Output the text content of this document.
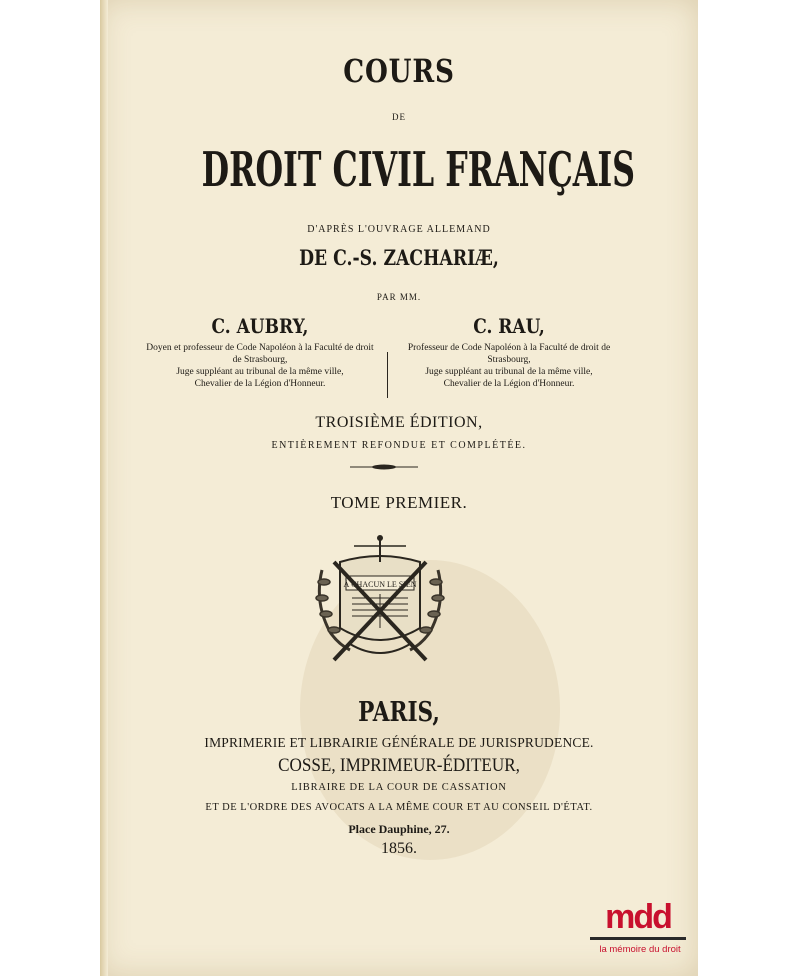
COURS
DE
DROIT CIVIL FRANÇAIS
D'APRÈS L'OUVRAGE ALLEMAND
DE C.-S. ZACHARIÆ,
PAR MM.
C. AUBRY,
Doyen et professeur de Code Napoléon à la Faculté de droit
de Strasbourg,
Juge suppléant au tribunal de la même ville,
Chevalier de la Légion d'Honneur.
C. RAU,
Professeur de Code Napoléon à la Faculté de droit de
Strasbourg,
Juge suppléant au tribunal de la même ville,
Chevalier de la Légion d'Honneur.
TROISIÈME ÉDITION,
ENTIÈREMENT REFONDUE ET COMPLÉTÉE.
TOME PREMIER.
À CHACUN LE SIEN
PARIS,
IMPRIMERIE ET LIBRAIRIE GÉNÉRALE DE JURISPRUDENCE.
COSSE, IMPRIMEUR-ÉDITEUR,
LIBRAIRE DE LA COUR DE CASSATION
ET DE L'ORDRE DES AVOCATS A LA MÊME COUR ET AU CONSEIL D'ÉTAT.
Place Dauphine, 27.
1856.
mdd
la mémoire du droit
